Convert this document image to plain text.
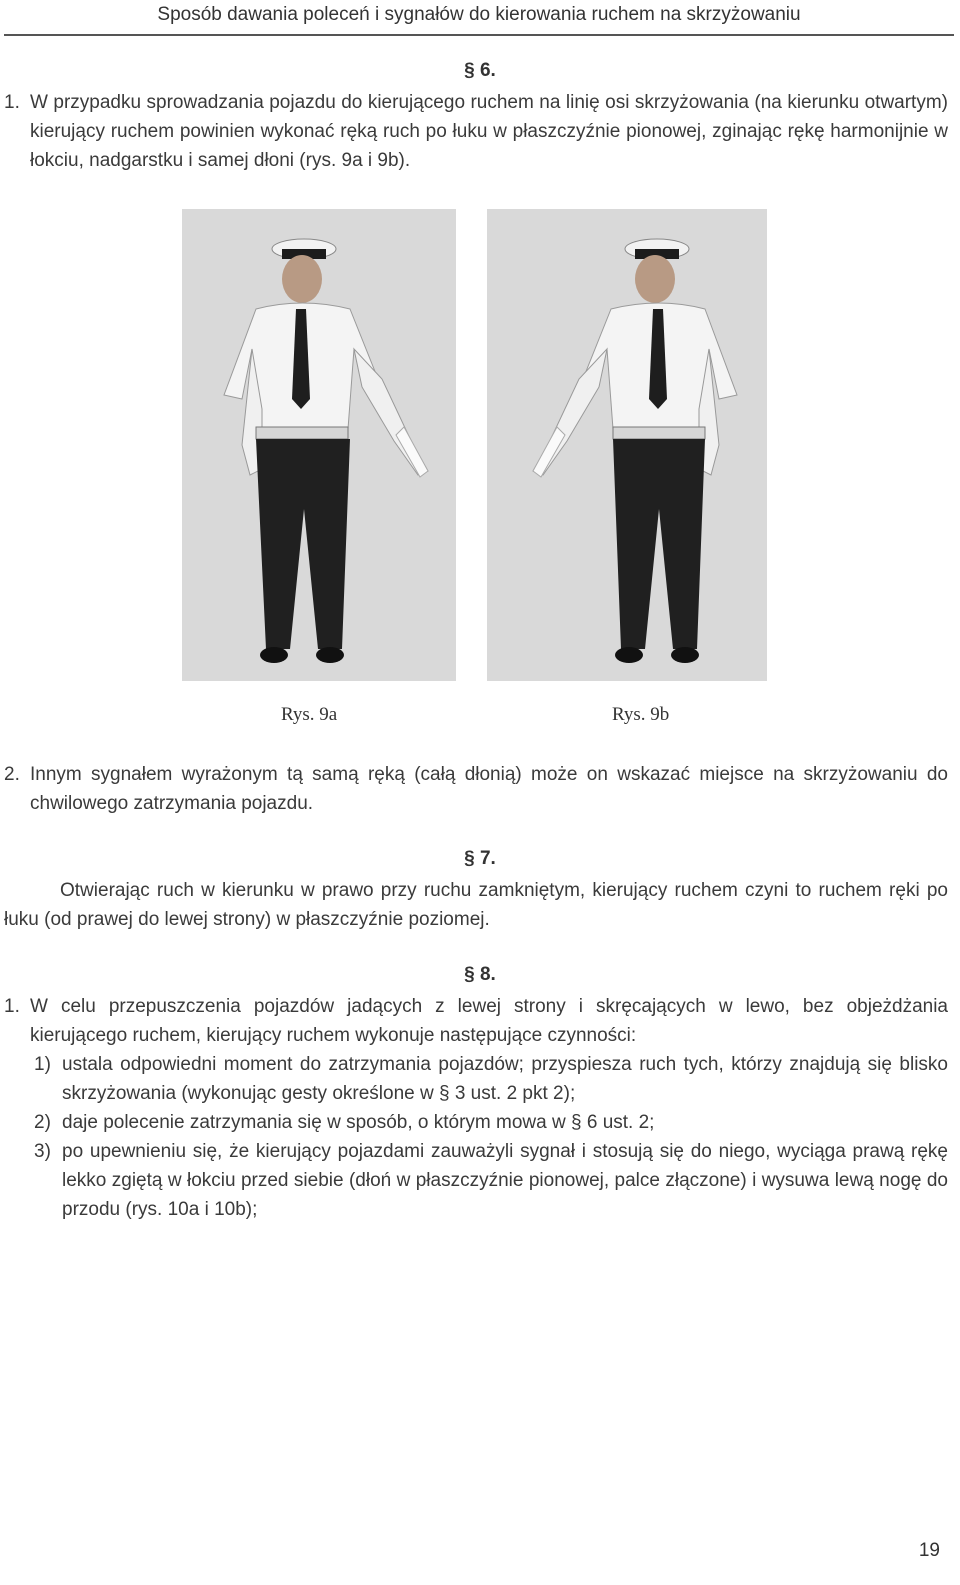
Sposób dawania poleceń i sygnałów do kierowania ruchem na skrzyżowaniu
§ 6.

1. W przypadku sprowadzania pojazdu do kierującego ruchem na linię osi skrzyżowania (na kierunku otwartym) kierujący ruchem powinien wykonać ręką ruch po łuku w płaszczyźnie pionowej, zginając rękę harmonijnie w łokciu, nadgarstku i samej dłoni (rys. 9a i 9b).

Rys. 9a	Rys. 9b

2. Innym sygnałem wyrażonym tą samą ręką (całą dłonią) może on wskazać miejsce na skrzyżowaniu do chwilowego zatrzymania pojazdu.

§ 7.

Otwierając ruch w kierunku w prawo przy ruchu zamkniętym, kierujący ruchem czyni to ruchem ręki po łuku (od prawej do lewej strony) w płaszczyźnie poziomej.

§ 8.

1. W celu przepuszczenia pojazdów jadących z lewej strony i skręcających w lewo, bez objeżdżania kierującego ruchem, kierujący ruchem wykonuje następujące czynności:

1) ustala odpowiedni moment do zatrzymania pojazdów; przyspiesza ruch tych, którzy znajdują się blisko skrzyżowania (wykonując gesty określone w § 3 ust. 2 pkt 2);
2) daje polecenie zatrzymania się w sposób, o którym mowa w § 6 ust. 2;
3) po upewnieniu się, że kierujący pojazdami zauważyli sygnał i stosują się do niego, wyciąga prawą rękę lekko zgiętą w łokciu przed siebie (dłoń w płaszczyźnie pionowej, palce złączone) i wysuwa lewą nogę do przodu (rys. 10a i 10b);
19
